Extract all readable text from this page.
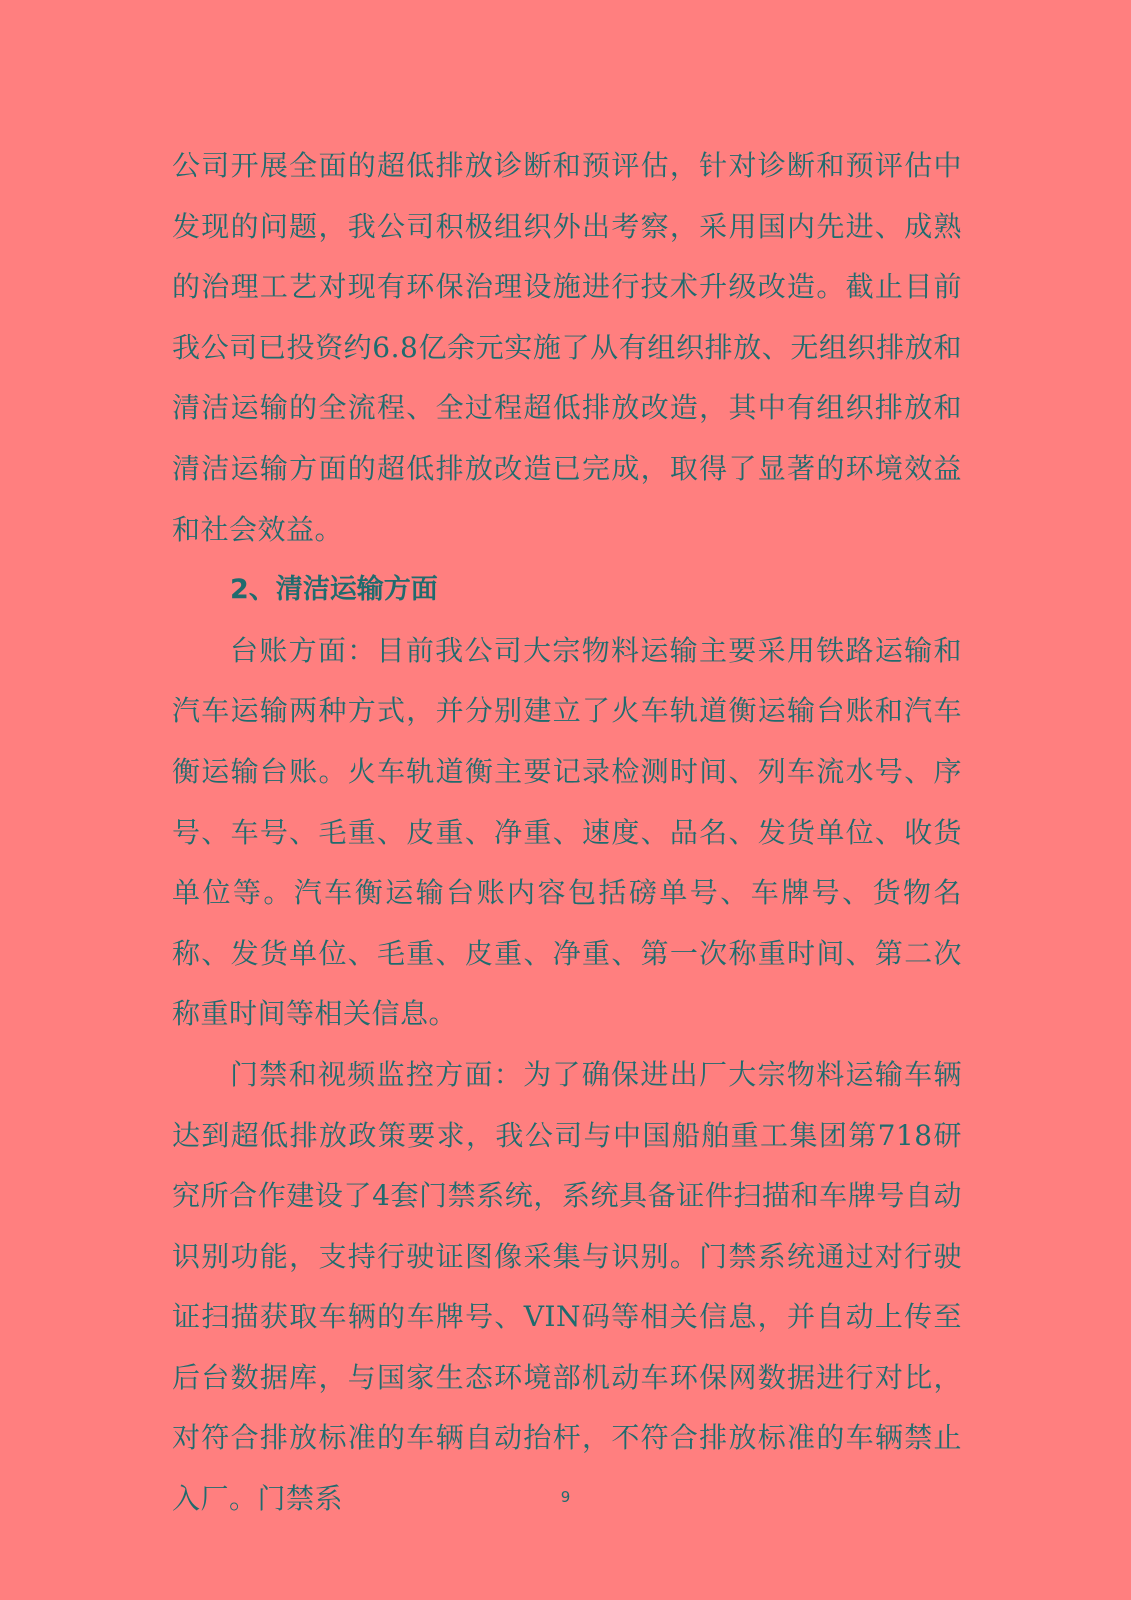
公司开展全面的超低排放诊断和预评估，针对诊断和预评估中发现的问题，我公司积极组织外出考察，采用国内先进、成熟的治理工艺对现有环保治理设施进行技术升级改造。截止目前我公司已投资约6.8亿余元实施了从有组织排放、无组织排放和清洁运输的全流程、全过程超低排放改造，其中有组织排放和清洁运输方面的超低排放改造已完成，取得了显著的环境效益和社会效益。

2、清洁运输方面

台账方面：目前我公司大宗物料运输主要采用铁路运输和汽车运输两种方式，并分别建立了火车轨道衡运输台账和汽车衡运输台账。火车轨道衡主要记录检测时间、列车流水号、序号、车号、毛重、皮重、净重、速度、品名、发货单位、收货单位等。汽车衡运输台账内容包括磅单号、车牌号、货物名称、发货单位、毛重、皮重、净重、第一次称重时间、第二次称重时间等相关信息。

门禁和视频监控方面：为了确保进出厂大宗物料运输车辆达到超低排放政策要求，我公司与中国船舶重工集团第718研究所合作建设了4套门禁系统，系统具备证件扫描和车牌号自动识别功能，支持行驶证图像采集与识别。门禁系统通过对行驶证扫描获取车辆的车牌号、VIN码等相关信息，并自动上传至后台数据库，与国家生态环境部机动车环保网数据进行对比，对符合排放标准的车辆自动抬杆，不符合排放标准的车辆禁止入厂。门禁系	9
